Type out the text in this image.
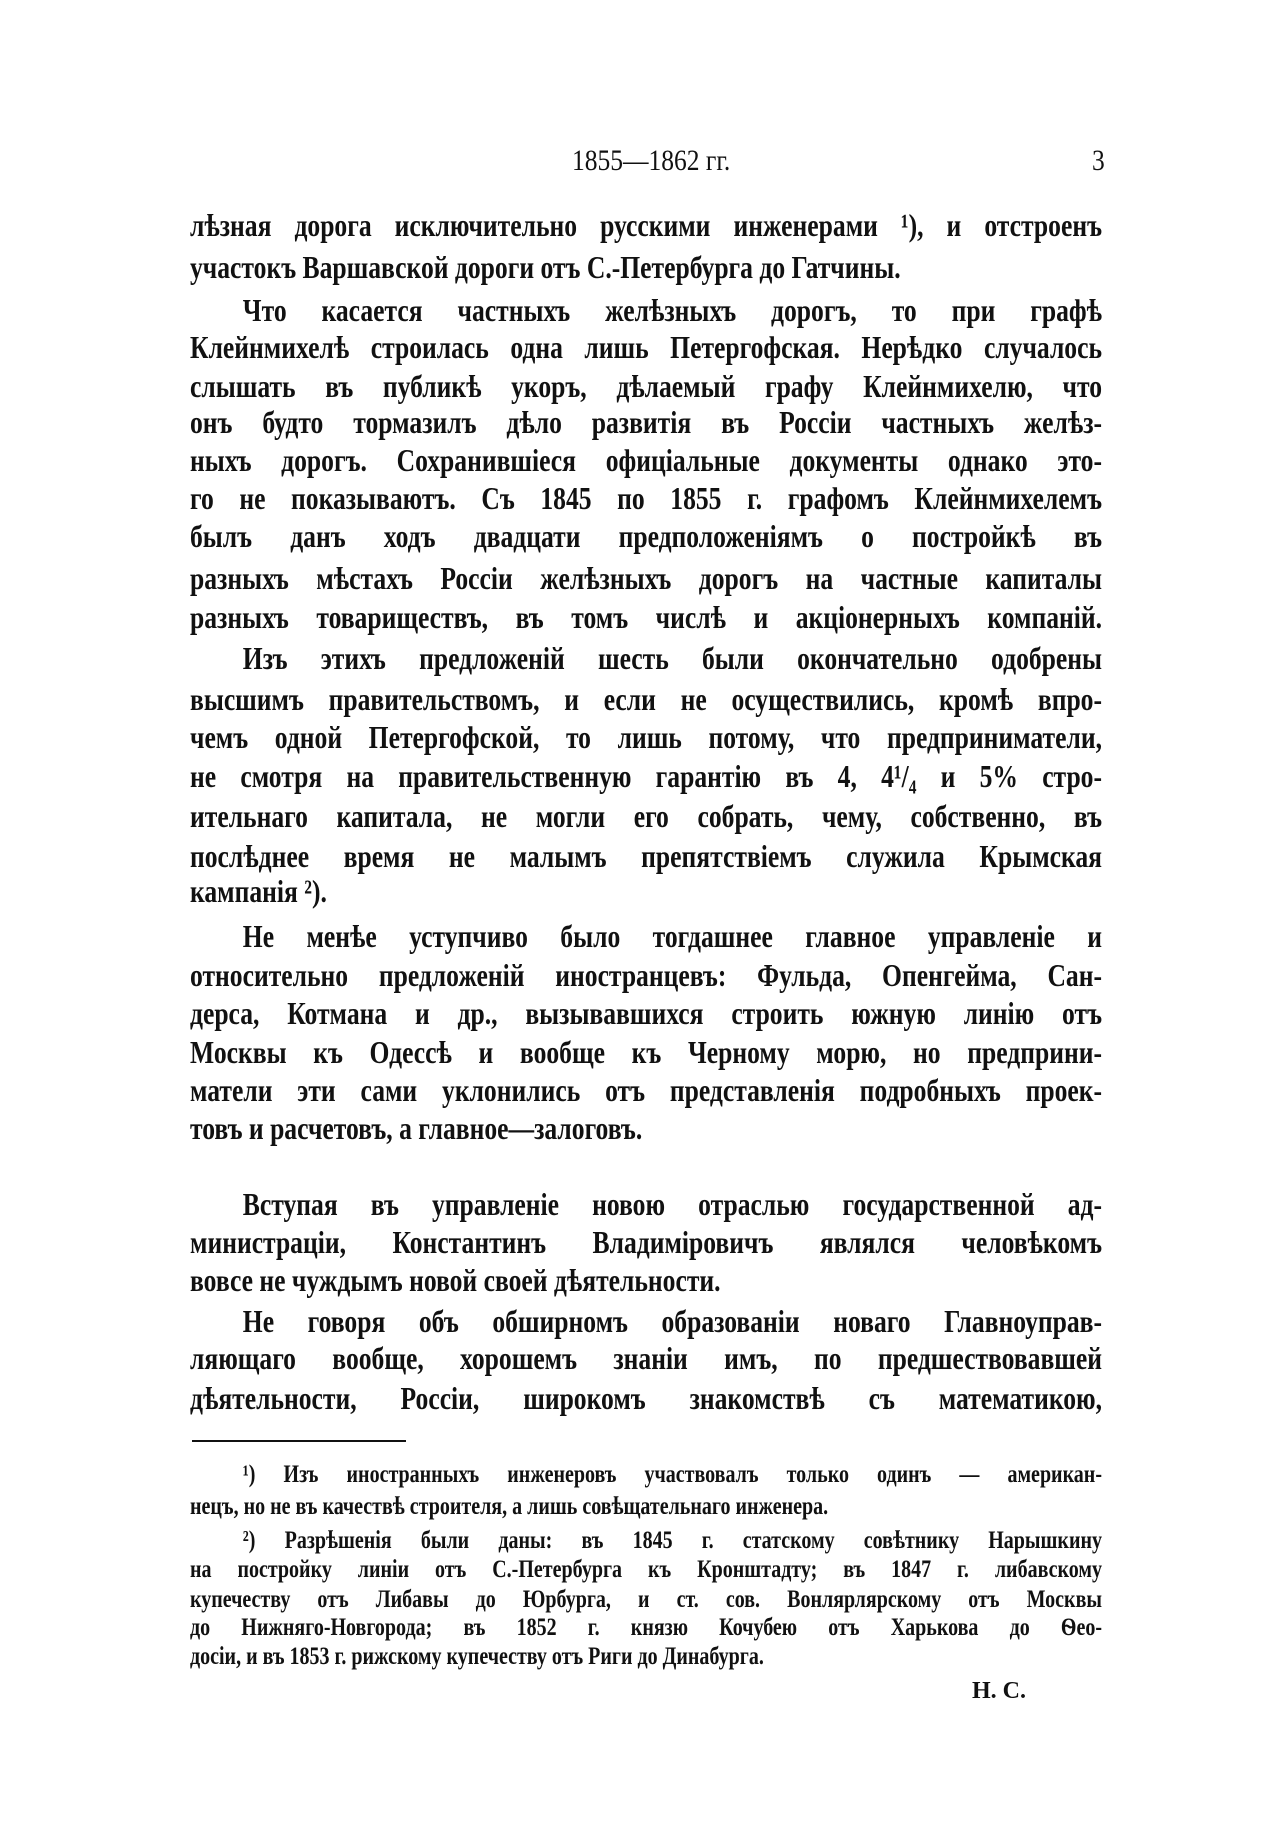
1855—1862 гг.	3
лѣзная дорога исключительно русскими инженерами ¹), и отстроенъ
участокъ Варшавской дороги отъ С.-Петербурга до Гатчины.
Что касается частныхъ желѣзныхъ дорогъ, то при графѣ
Клейнмихелѣ строилась одна лишь Петергофская. Нерѣдко случалось
слышать въ публикѣ укоръ, дѣлаемый графу Клейнмихелю, что
онъ будто тормазилъ дѣло развитія въ Россіи частныхъ желѣз-
ныхъ дорогъ. Сохранившіеся офиціальные документы однако это-
го не показываютъ. Съ 1845 по 1855 г. графомъ Клейнмихелемъ
былъ данъ ходъ двадцати предположеніямъ о постройкѣ въ
разныхъ мѣстахъ Россіи желѣзныхъ дорогъ на частные капиталы
разныхъ товариществъ, въ томъ числѣ и акціонерныхъ компаній.
Изъ этихъ предложеній шесть были окончательно одобрены
высшимъ правительствомъ, и если не осуществились, кромѣ впро-
чемъ одной Петергофской, то лишь потому, что предприниматели,
не смотря на правительственную гарантію въ 4, 4¹/₄ и 5% стро-
ительнаго капитала, не могли его собрать, чему, собственно, въ
послѣднее время не малымъ препятствіемъ служила Крымская
кампанія ²).
Не менѣе уступчиво было тогдашнее главное управленіе и
относительно предложеній иностранцевъ: Фульда, Опенгейма, Сан-
дерса, Котмана и др., вызывавшихся строить южную линію отъ
Москвы къ Одессѣ и вообще къ Черному морю, но предприни-
матели эти сами уклонились отъ представленія подробныхъ проек-
товъ и расчетовъ, а главное—залоговъ.
Вступая въ управленіе новою отраслью государственной ад-
министраціи, Константинъ Владиміровичъ являлся человѣкомъ
вовсе не чуждымъ новой своей дѣятельности.
Не говоря объ обширномъ образованіи новаго Главноуправ-
ляющаго вообще, хорошемъ знаніи имъ, по предшествовавшей
дѣятельности, Россіи, широкомъ знакомствѣ съ математикою,
¹) Изъ иностранныхъ инженеровъ участвовалъ только одинъ — американ-
нецъ, но не въ качествѣ строителя, а лишь совѣщательнаго инженера.
²) Разрѣшенія были даны: въ 1845 г. статскому совѣтнику Нарышкину
на постройку линіи отъ С.-Петербурга къ Кронштадту; въ 1847 г. либавскому
купечеству отъ Либавы до Юрбурга, и ст. сов. Вонлярлярскому отъ Москвы
до Нижняго-Новгорода; въ 1852 г. князю Кочубею отъ Харькова до Ѳео-
досіи, и въ 1853 г. рижскому купечеству отъ Риги до Динабурга.
Н. С.
